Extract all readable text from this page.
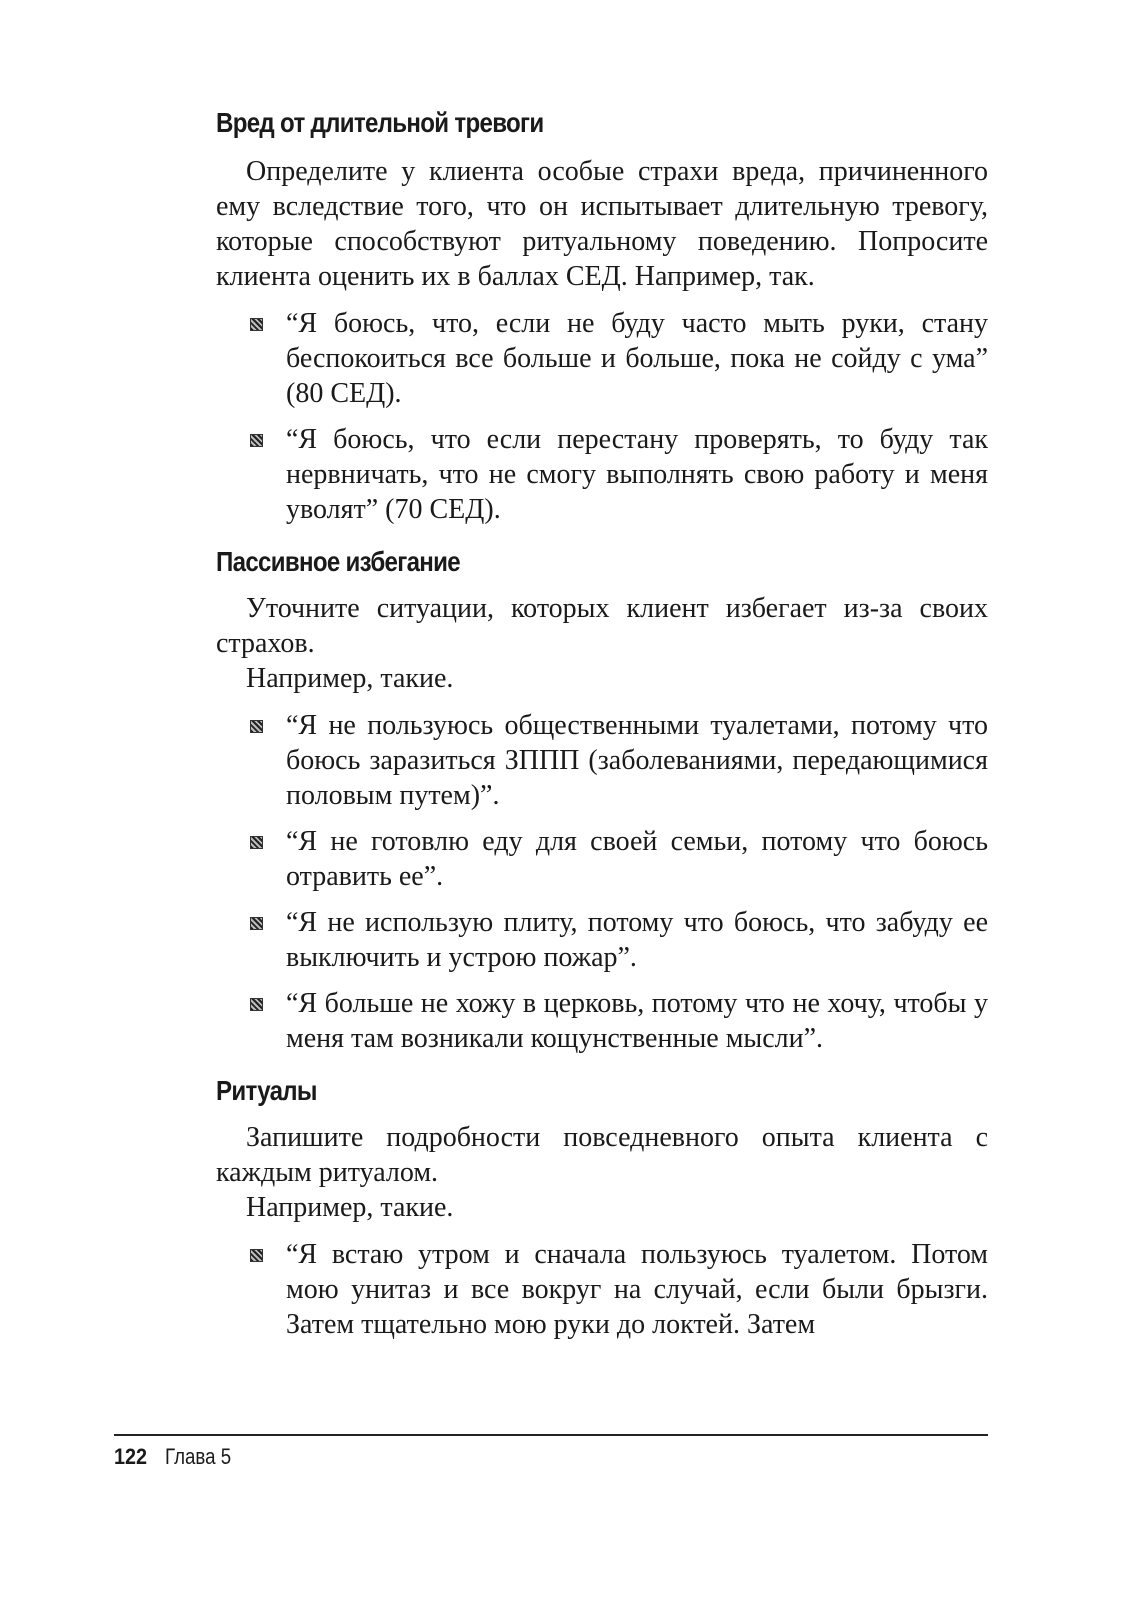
Вред от длительной тревоги

Определите у клиента особые страхи вреда, причиненного ему вследствие того, что он испытывает длительную тревогу, которые способствуют ритуальному поведению. Попросите клиента оценить их в баллах СЕД. Например, так.

“Я боюсь, что, если не буду часто мыть руки, стану беспокоиться все больше и больше, пока не сойду с ума” (80 СЕД).
“Я боюсь, что если перестану проверять, то буду так нервничать, что не смогу выполнять свою работу и меня уволят” (70 СЕД).
Пассивное избегание

Уточните ситуации, которых клиент избегает из-за своих страхов.

Например, такие.

“Я не пользуюсь общественными туалетами, потому что боюсь заразиться ЗППП (заболеваниями, передающимися половым путем)”.
“Я не готовлю еду для своей семьи, потому что боюсь отравить ее”.
“Я не использую плиту, потому что боюсь, что забуду ее выключить и устрою пожар”.
“Я больше не хожу в церковь, потому что не хочу, чтобы у меня там возникали кощунственные мысли”.
Ритуалы

Запишите подробности повседневного опыта клиента с каждым ритуалом.

Например, такие.

“Я встаю утром и сначала пользуюсь туалетом. Потом мою унитаз и все вокруг на случай, если были брызги. Затем тщательно мою руки до локтей. Затем
122 Глава 5
